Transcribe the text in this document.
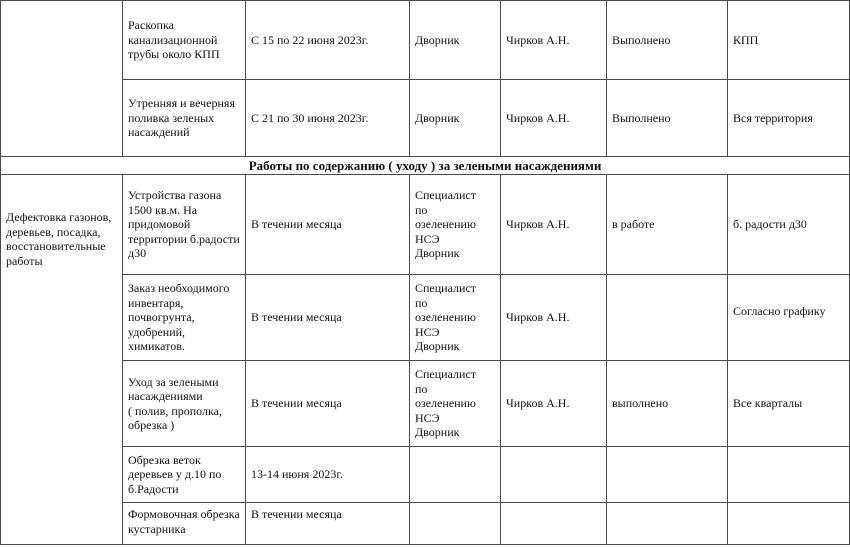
	Раскопка канализационной трубы около КПП	С 15 по 22 июня 2023г.	Дворник	Чирков А.Н.	Выполнено	КПП
	Утренняя и вечерняя поливка зеленых насаждений	С 21 по 30 июня 2023г.	Дворник	Чирков А.Н.	Выполнено	Вся территория
Работы по содержанию ( уходу ) за зелеными насаждениями						
Дефектовка газонов, деревьев, посадка, восстановительные работы	Устройства газона 1500 кв.м. На придомовой территории б.радости д30	В течении месяца	Специалист
по
озеленению
НСЭ
Дворник	Чирков А.Н.	в работе	б. радости д30
	Заказ необходимого инвентаря, почвогрунта, удобрений, химикатов.	В течении месяца	Специалист
по
озеленению
НСЭ
Дворник	Чирков А.Н.		Согласно графику
	Уход за зелеными насаждениями
( полив, прополка, обрезка )	В течении месяца	Специалист
по
озеленению
НСЭ
Дворник	Чирков А.Н.	выполнено	Все кварталы
	Обрезка веток деревьев у д.10 по б.Радости	13-14 июня 2023г.				
	Формовочная обрезка кустарника	В течении месяца				
